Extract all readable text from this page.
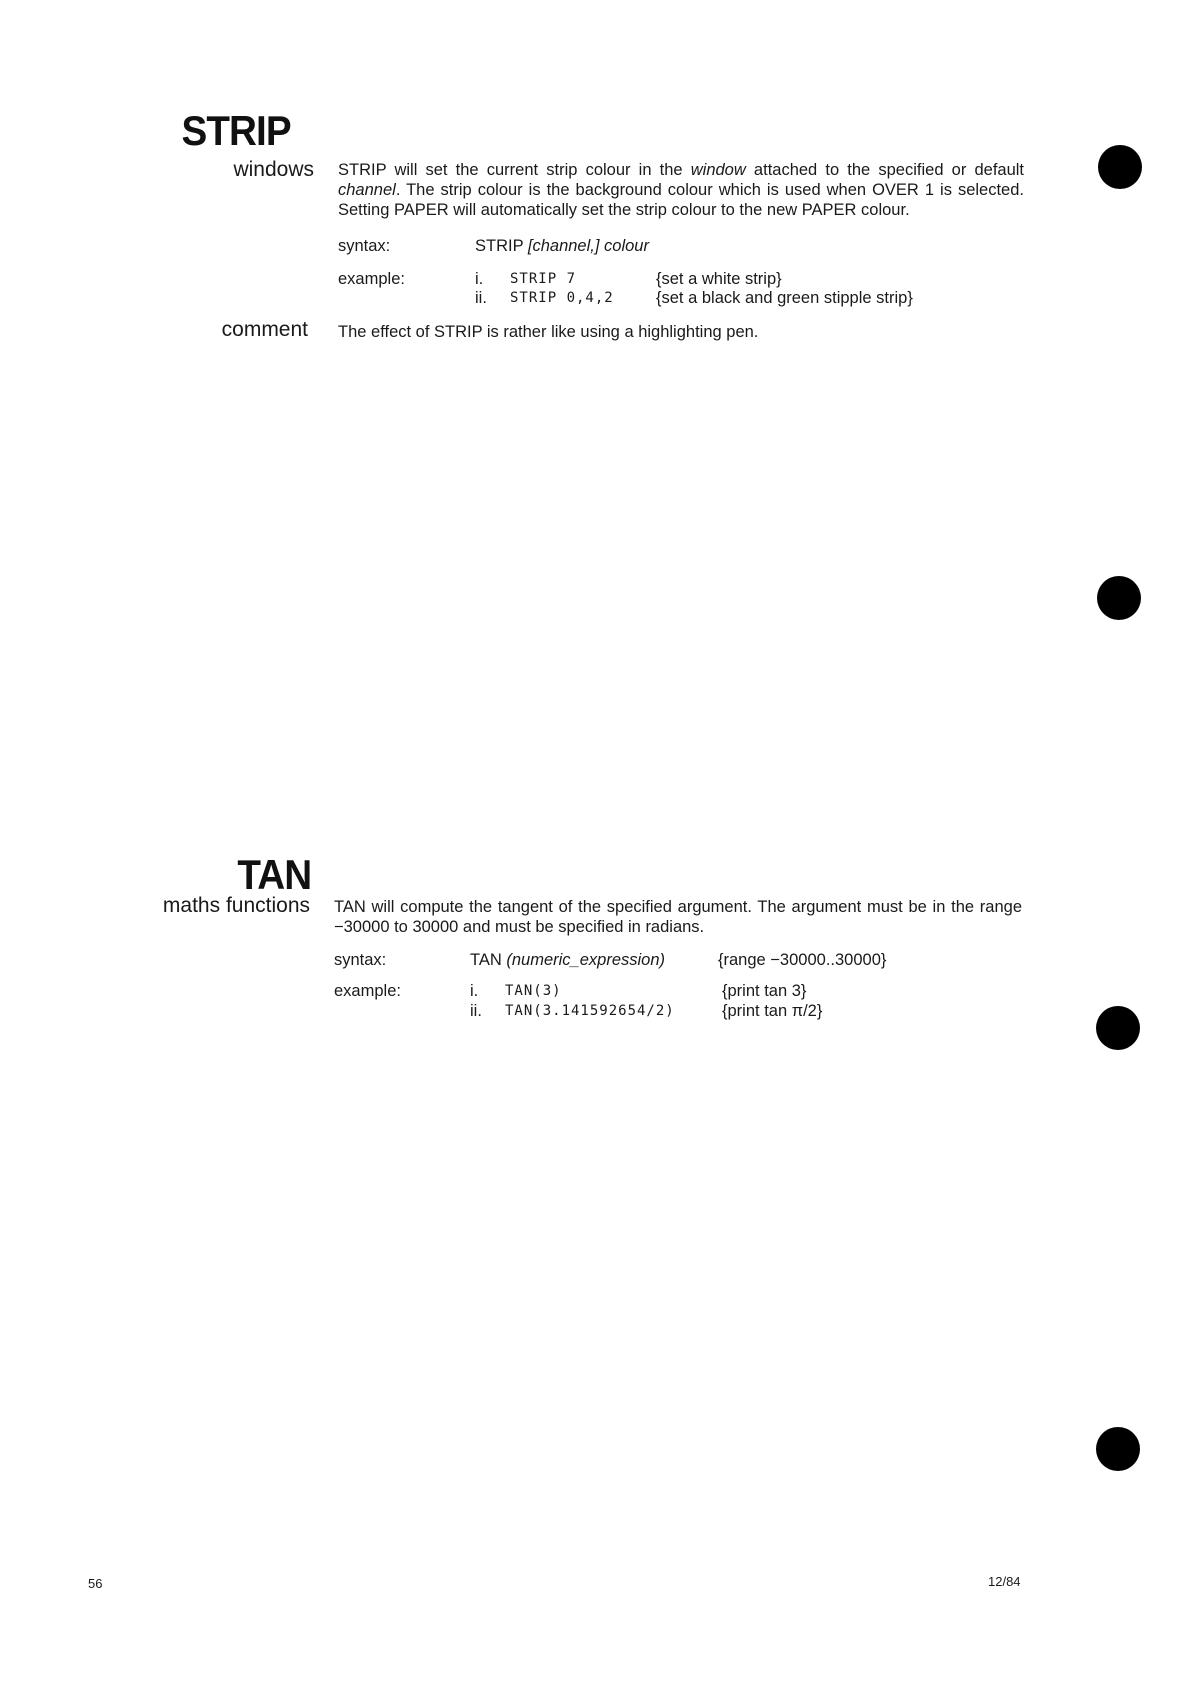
STRIP
windows STRIP will set the current strip colour in the window attached to the specified or default channel. The strip colour is the background colour which is used when OVER 1 is selected. Setting PAPER will automatically set the strip colour to the new PAPER colour.
syntax:	STRIP [channel,] colour
example:	i. STRIP 7	{set a white strip}
ii. STRIP 0,4,2	{set a black and green stipple strip}
comment The effect of STRIP is rather like using a highlighting pen.
TAN
maths functions TAN will compute the tangent of the specified argument. The argument must be in the range −30000 to 30000 and must be specified in radians.
syntax:	TAN (numeric_expression)	{range −30000..30000}
example:	i. TAN(3)	{print tan 3}
ii. TAN(3.141592654/2)	{print tan π/2}
56	12/84
